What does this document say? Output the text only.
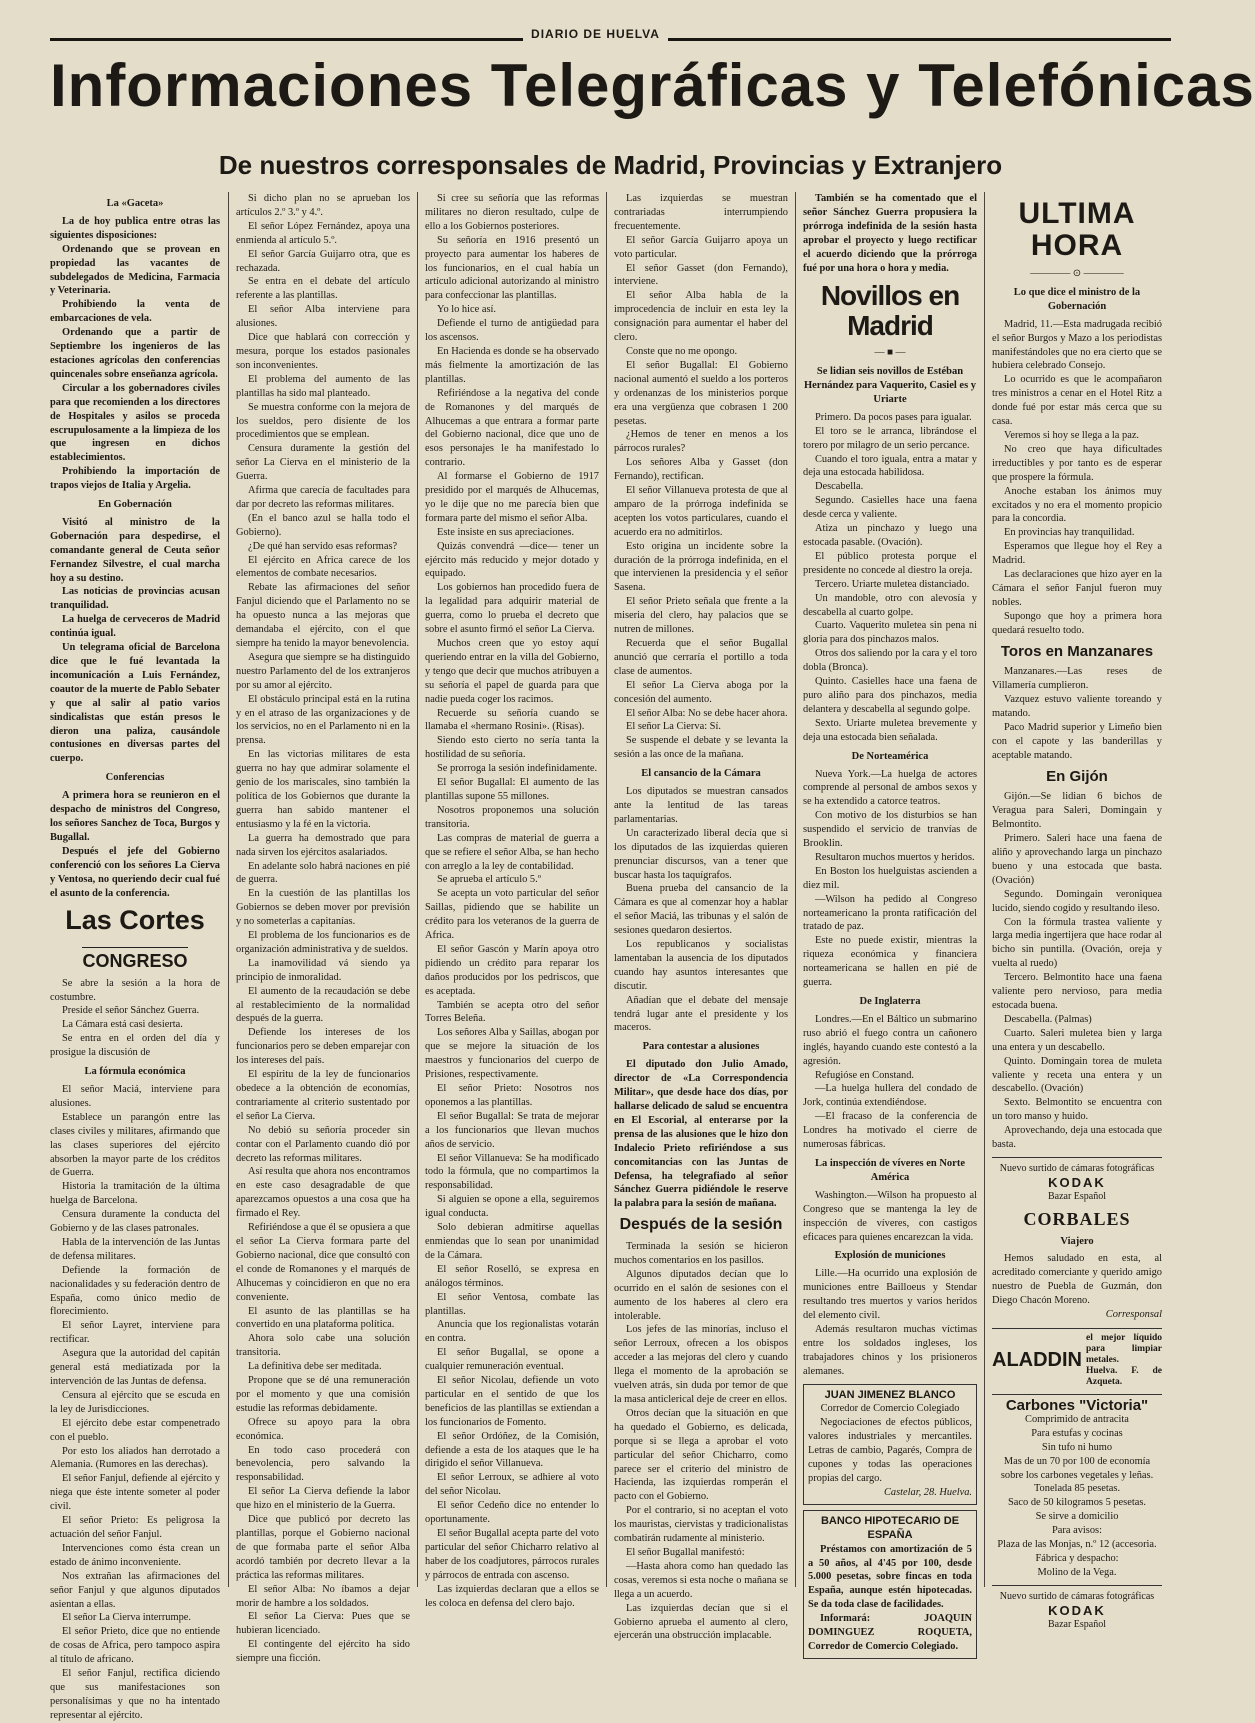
DIARIO DE HUELVA
Informaciones Telegráficas y Telefónicas
De nuestros corresponsales de Madrid, Provincias y Extranjero
La «Gaceta»

La de hoy publica entre otras las siguientes disposiciones:

Ordenando que se provean en propiedad las vacantes de subdelegados de Medicina, Farmacia y Veterinaria.

Prohibiendo la venta de embarcaciones de vela.

Ordenando que a partir de Septiembre los ingenieros de las estaciones agrícolas den conferencias quincenales sobre enseñanza agrícola.

Circular a los gobernadores civiles para que recomienden a los directores de Hospitales y asilos se proceda escrupulosamente a la limpieza de los que ingresen en dichos establecimientos.

Prohibiendo la importación de trapos viejos de Italia y Argelia.

En Gobernación

Visitó al ministro de la Gobernación para despedirse, el comandante general de Ceuta señor Fernandez Silvestre, el cual marcha hoy a su destino.

Las noticias de provincias acusan tranquilidad.

La huelga de cerveceros de Madrid continúa igual.

Un telegrama oficial de Barcelona dice que le fué levantada la incomunicación a Luis Fernández, coautor de la muerte de Pablo Sebater y que al salir al patio varios sindicalistas que están presos le dieron una paliza, causándole contusiones en diversas partes del cuerpo.

Conferencias

A primera hora se reunieron en el despacho de ministros del Congreso, los señores Sanchez de Toca, Burgos y Bugallal.

Después el jefe del Gobierno conferenció con los señores La Cierva y Ventosa, no queriendo decir cual fué el asunto de la conferencia.

Las Cortes
CONGRESO

Se abre la sesión a la hora de costumbre.

Preside el señor Sánchez Guerra.

La Cámara está casi desierta.

Se entra en el orden del día y prosigue la discusión de

La fórmula económica

El señor Maciá, interviene para alusiones.

Establece un parangón entre las clases civiles y militares, afirmando que las clases superiores del ejército absorben la mayor parte de los créditos de Guerra.

Historia la tramitación de la última huelga de Barcelona.

Censura duramente la conducta del Gobierno y de las clases patronales.

Habla de la intervención de las Juntas de defensa militares.

Defiende la formación de nacionalidades y su federación dentro de España, como único medio de florecimiento.

El señor Layret, interviene para rectificar.

Asegura que la autoridad del capitán general está mediatizada por la intervención de las Juntas de defensa.

Censura al ejército que se escuda en la ley de Jurisdicciones.

El ejército debe estar compenetrado con el pueblo.

Por esto los aliados han derrotado a Alemania. (Rumores en las derechas).

El señor Fanjul, defiende al ejército y niega que éste intente someter al poder civil.

El señor Prieto: Es peligrosa la actuación del señor Fanjul.

Intervenciones como ésta crean un estado de ánimo inconveniente.

Nos extrañan las afirmaciones del señor Fanjul y que algunos diputados asientan a ellas.

El señor La Cierva interrumpe.

El señor Prieto, dice que no entiende de cosas de Africa, pero tampoco aspira al título de africano.

El señor Fanjul, rectifica diciendo que sus manifestaciones son personalísimas y que no ha intentado representar al ejército.

Si dicho plan no se aprueban los artículos 2.º 3.º y 4.º.

El señor López Fernández, apoya una enmienda al artículo 5.º.

El señor García Guijarro otra, que es rechazada.

Se entra en el debate del artículo referente a las plantillas.

El señor Alba interviene para alusiones.

Dice que hablará con corrección y mesura, porque los estados pasionales son inconvenientes.

El problema del aumento de las plantillas ha sido mal planteado.

Se muestra conforme con la mejora de los sueldos, pero disiente de los procedimientos que se emplean.

Censura duramente la gestión del señor La Cierva en el ministerio de la Guerra.

Afirma que carecía de facultades para dar por decreto las reformas militares.

(En el banco azul se halla todo el Gobierno).

¿De qué han servido esas reformas?

El ejército en Africa carece de los elementos de combate necesarios.

Rebate las afirmaciones del señor Fanjul diciendo que el Parlamento no se ha opuesto nunca a las mejoras que demandaba el ejército, con el que siempre ha tenido la mayor benevolencia.

Asegura que siempre se ha distinguido nuestro Parlamento del de los extranjeros por su amor al ejército.

El obstáculo principal está en la rutina y en el atraso de las organizaciones y de los servicios, no en el Parlamento ni en la prensa.

En las victorias militares de esta guerra no hay que admirar solamente el genio de los mariscales, sino también la política de los Gobiernos que durante la guerra han sabido mantener el entusiasmo y la fé en la victoria.

La guerra ha demostrado que para nada sirven los ejércitos asalariados.

En adelante solo habrá naciones en pié de guerra.

En la cuestión de las plantillas los Gobiernos se deben mover por previsión y no someterlas a capitanías.

El problema de los funcionarios es de organización administrativa y de sueldos.

La inamovilidad vá siendo ya principio de inmoralidad.

El aumento de la recaudación se debe al restablecimiento de la normalidad después de la guerra.

Defiende los intereses de los funcionarios pero se deben emparejar con los intereses del país.

El espíritu de la ley de funcionarios obedece a la obtención de economías, contrariamente al criterio sustentado por el señor La Cierva.

No debió su señoría proceder sin contar con el Parlamento cuando dió por decreto las reformas militares.

Así resulta que ahora nos encontramos en este caso desagradable de que aparezcamos opuestos a una cosa que ha firmado el Rey.

Refiriéndose a que él se opusiera a que el señor La Cierva formara parte del Gobierno nacional, dice que consultó con el conde de Romanones y el marqués de Alhucemas y coincidieron en que no era conveniente.

El asunto de las plantillas se ha convertido en una plataforma política.

Ahora solo cabe una solución transitoria.

La definitiva debe ser meditada.

Propone que se dé una remuneración por el momento y que una comisión estudie las reformas debidamente.

Ofrece su apoyo para la obra económica.

En todo caso procederá con benevolencia, pero salvando la responsabilidad.

El señor La Cierva defiende la labor que hizo en el ministerio de la Guerra.

Dice que publicó por decreto las plantillas, porque el Gobierno nacional de que formaba parte el señor Alba acordó también por decreto llevar a la práctica las reformas militares.

El señor Alba: No íbamos a dejar morir de hambre a los soldados.

El señor La Cierva: Pues que se hubieran licenciado.

El contingente del ejército ha sido siempre una ficción.

Si cree su señoría que las reformas militares no dieron resultado, culpe de ello a los Gobiernos posteriores.

Su señoría en 1916 presentó un proyecto para aumentar los haberes de los funcionarios, en el cual había un artículo adicional autorizando al ministro para confeccionar las plantillas.

Yo lo hice así.

Defiende el turno de antigüedad para los ascensos.

En Hacienda es donde se ha observado más fielmente la amortización de las plantillas.

Refiriéndose a la negativa del conde de Romanones y del marqués de Alhucemas a que entrara a formar parte del Gobierno nacional, dice que uno de esos personajes le ha manifestado lo contrario.

Al formarse el Gobierno de 1917 presidido por el marqués de Alhucemas, yo le dije que no me parecía bien que formara parte del mismo el señor Alba.

Este insiste en sus apreciaciones.

Quizás convendrá —dice— tener un ejército más reducido y mejor dotado y equipado.

Los gobiernos han procedido fuera de la legalidad para adquirir material de guerra, como lo prueba el decreto que sobre el asunto firmó el señor La Cierva.

Muchos creen que yo estoy aquí queriendo entrar en la villa del Gobierno, y tengo que decir que muchos atribuyen a su señoría el papel de guarda para que nadie pueda coger los racimos.

Recuerde su señoría cuando se llamaba el «hermano Rosini». (Risas).

Siendo esto cierto no sería tanta la hostilidad de su señoría.

Se prorroga la sesión indefinidamente.

El señor Bugallal: El aumento de las plantillas supone 55 millones.

Nosotros proponemos una solución transitoria.

Las compras de material de guerra a que se refiere el señor Alba, se han hecho con arreglo a la ley de contabilidad.

Se aprueba el artículo 5.º

Se acepta un voto particular del señor Saillas, pidiendo que se habilite un crédito para los veteranos de la guerra de Africa.

El señor Gascón y Marín apoya otro pidiendo un crédito para reparar los daños producidos por los pedriscos, que es aceptada.

También se acepta otro del señor Torres Beleña.

Los señores Alba y Saillas, abogan por que se mejore la situación de los maestros y funcionarios del cuerpo de Prisiones, respectivamente.

El señor Prieto: Nosotros nos oponemos a las plantillas.

El señor Bugallal: Se trata de mejorar a los funcionarios que llevan muchos años de servicio.

El señor Villanueva: Se ha modificado todo la fórmula, que no compartimos la responsabilidad.

Si alguien se opone a ella, seguiremos igual conducta.

Solo debieran admitirse aquellas enmiendas que lo sean por unanimidad de la Cámara.

El señor Roselló, se expresa en análogos términos.

El señor Ventosa, combate las plantillas.

Anuncia que los regionalistas votarán en contra.

El señor Bugallal, se opone a cualquier remuneración eventual.

El señor Nicolau, defiende un voto particular en el sentido de que los beneficios de las plantillas se extiendan a los funcionarios de Fomento.

El señor Ordóñez, de la Comisión, defiende a esta de los ataques que le ha dirigido el señor Villanueva.

El señor Lerroux, se adhiere al voto del señor Nicolau.

El señor Cedeño dice no entender lo oportunamente.

El señor Bugallal acepta parte del voto particular del señor Chicharro relativo al haber de los coadjutores, párrocos rurales y párrocos de entrada con ascenso.

Las izquierdas declaran que a ellos se les coloca en defensa del clero bajo.

Las izquierdas se muestran contrariadas interrumpiendo frecuentemente.

El señor García Guijarro apoya un voto particular.

El señor Gasset (don Fernando), interviene.

El señor Alba habla de la improcedencia de incluir en esta ley la consignación para aumentar el haber del clero.

Conste que no me opongo.

El señor Bugallal: El Gobierno nacional aumentó el sueldo a los porteros y ordenanzas de los ministerios porque era una vergüenza que cobrasen 1 200 pesetas.

¿Hemos de tener en menos a los párrocos rurales?

Los señores Alba y Gasset (don Fernando), rectifican.

El señor Villanueva protesta de que al amparo de la prórroga indefinida se acepten los votos particulares, cuando el acuerdo era no admitirlos.

Esto origina un incidente sobre la duración de la prórroga indefinida, en el que intervienen la presidencia y el señor Sasena.

El señor Prieto señala que frente a la miseria del clero, hay palacios que se nutren de millones.

Recuerda que el señor Bugallal anunció que cerraría el portillo a toda clase de aumentos.

El señor La Cierva aboga por la concesión del aumento.

El señor Alba: No se debe hacer ahora.

El señor La Cierva: Sí.

Se suspende el debate y se levanta la sesión a las once de la mañana.

El cansancio de la Cámara

Los diputados se muestran cansados ante la lentitud de las tareas parlamentarias.

Un caracterizado liberal decía que si los diputados de las izquierdas quieren prenunciar discursos, van a tener que buscar hasta los taquígrafos.

Buena prueba del cansancio de la Cámara es que al comenzar hoy a hablar el señor Maciá, las tribunas y el salón de sesiones quedaron desiertos.

Los republicanos y socialistas lamentaban la ausencia de los diputados cuando hay asuntos interesantes que discutir.

Añadían que el debate del mensaje tendrá lugar ante el presidente y los maceros.

Para contestar a alusiones

El diputado don Julio Amado, director de «La Correspondencia Militar», que desde hace dos días, por hallarse delicado de salud se encuentra en El Escorial, al enterarse por la prensa de las alusiones que le hizo don Indalecio Prieto refiriéndose a sus concomitancias con las Juntas de Defensa, ha telegrafiado al señor Sánchez Guerra pidiéndole le reserve la palabra para la sesión de mañana.

Después de la sesión

Terminada la sesión se hicieron muchos comentarios en los pasillos.

Algunos diputados decían que lo ocurrido en el salón de sesiones con el aumento de los haberes al clero era intolerable.

Los jefes de las minorías, incluso el señor Lerroux, ofrecen a los obispos acceder a las mejoras del clero y cuando llega el momento de la aprobación se vuelven atrás, sin duda por temor de que la masa anticlerical deje de creer en ellos.

Otros decían que la situación en que ha quedado el Gobierno, es delicada, porque si se llega a aprobar el voto particular del señor Chicharro, como parece ser el criterio del ministro de Hacienda, las izquierdas romperán el pacto con el Gobierno.

Por el contrario, si no aceptan el voto los mauristas, ciervistas y tradicionalistas combatirán rudamente al ministerio.

El señor Bugallal manifestó:

—Hasta ahora como han quedado las cosas, veremos si esta noche o mañana se llega a un acuerdo.

Las izquierdas decían que si el Gobierno aprueba el aumento al clero, ejercerán una obstrucción implacable.

También se ha comentado que el señor Sánchez Guerra propusiera la prórroga indefinida de la sesión hasta aprobar el proyecto y luego rectificar el acuerdo diciendo que la prórroga fué por una hora o hora y media.

Novillos en Madrid
— ■ —
Se lidian seis novillos de Estéban Hernández para Vaquerito, Casiel es y Uriarte

Primero. Da pocos pases para igualar.

El toro se le arranca, librándose el torero por milagro de un serio percance.

Cuando el toro iguala, entra a matar y deja una estocada habilidosa.

Descabella.

Segundo. Casielles hace una faena desde cerca y valiente.

Atiza un pinchazo y luego una estocada pasable. (Ovación).

El público protesta porque el presidente no concede al diestro la oreja.

Tercero. Uriarte muletea distanciado.

Un mandoble, otro con alevosía y descabella al cuarto golpe.

Cuarto. Vaquerito muletea sin pena ni gloria para dos pinchazos malos.

Otros dos saliendo por la cara y el toro dobla (Bronca).

Quinto. Casielles hace una faena de puro aliño para dos pinchazos, media delantera y descabella al segundo golpe.

Sexto. Uriarte muletea brevemente y deja una estocada bien señalada.

De Norteamérica

Nueva York.—La huelga de actores comprende al personal de ambos sexos y se ha extendido a catorce teatros.

Con motivo de los disturbios se han suspendido el servicio de tranvías de Brooklin.

Resultaron muchos muertos y heridos.

En Boston los huelguistas ascienden a diez mil.

—Wilson ha pedido al Congreso norteamericano la pronta ratificación del tratado de paz.

Este no puede existir, mientras la riqueza económica y financiera norteamericana se hallen en pié de guerra.

De Inglaterra

Londres.—En el Báltico un submarino ruso abrió el fuego contra un cañonero inglés, hayando cuando este contestó a la agresión.

Refugióse en Constand.

—La huelga hullera del condado de Jork, continúa extendiéndose.

—El fracaso de la conferencia de Londres ha motivado el cierre de numerosas fábricas.

La inspección de víveres en Norte América

Washington.—Wilson ha propuesto al Congreso que se mantenga la ley de inspección de víveres, con castigos eficaces para quienes encarezcan la vida.

Explosión de municiones

Lille.—Ha ocurrido una explosión de municiones entre Bailloeus y Stendar resultando tres muertos y varios heridos del elemento civil.

Además resultaron muchas víctimas entre los soldados ingleses, los trabajadores chinos y los prisioneros alemanes.

JUAN JIMENEZ BLANCO

Corredor de Comercio Colegiado

Negociaciones de efectos públicos, valores industriales y mercantiles. Letras de cambio, Pagarés, Compra de cupones y todas las operaciones propias del cargo.

Castelar, 28. Huelva.

BANCO HIPOTECARIO DE ESPAÑA

Préstamos con amortización de 5 a 50 años, al 4'45 por 100, desde 5.000 pesetas, sobre fincas en toda España, aunque estén hipotecadas. Se da toda clase de facilidades.

Informará: JOAQUIN DOMINGUEZ ROQUETA, Corredor de Comercio Colegiado.

ULTIMA HORA
———— ⊙ ————
Lo que dice el ministro de la Gobernación

Madrid, 11.—Esta madrugada recibió el señor Burgos y Mazo a los periodistas manifestándoles que no era cierto que se hubiera celebrado Consejo.

Lo ocurrido es que le acompañaron tres ministros a cenar en el Hotel Ritz a donde fué por estar más cerca que su casa.

Veremos si hoy se llega a la paz.

No creo que haya dificultades irreductibles y por tanto es de esperar que prospere la fórmula.

Anoche estaban los ánimos muy excitados y no era el momento propicio para la concordia.

En provincias hay tranquilidad.

Esperamos que llegue hoy el Rey a Madrid.

Las declaraciones que hizo ayer en la Cámara el señor Fanjul fueron muy nobles.

Supongo que hoy a primera hora quedará resuelto todo.

Toros en Manzanares

Manzanares.—Las reses de Villamería cumplieron.

Vazquez estuvo valiente toreando y matando.

Paco Madrid superior y Limeño bien con el capote y las banderillas y aceptable matando.

En Gijón

Gijón.—Se lidian 6 bichos de Veragua para Saleri, Domingain y Belmontito.

Primero. Saleri hace una faena de aliño y aprovechando larga un pinchazo bueno y una estocada que basta. (Ovación)

Segundo. Domingain veroniquea lucido, siendo cogido y resultando ileso.

Con la fórmula trastea valiente y larga media ingertijera que hace rodar al bicho sin puntilla. (Ovación, oreja y vuelta al ruedo)

Tercero. Belmontito hace una faena valiente pero nervioso, para media estocada buena.

Descabella. (Palmas)

Cuarto. Saleri muletea bien y larga una entera y un descabello.

Quinto. Domingain torea de muleta valiente y receta una entera y un descabello. (Ovación)

Sexto. Belmontito se encuentra con un toro manso y huido.

Aprovechando, deja una estocada que basta.

Nuevo surtido de cámaras fotográficas
KODAK
Bazar Español
CORBALES
Viajero

Hemos saludado en esta, al acreditado comerciante y querido amigo nuestro de Puebla de Guzmán, don Diego Chacón Moreno.

Corresponsal

ALADDIN
el mejor líquido para limpiar metales.
Huelva. F. de Azqueta.
Carbones "Victoria"

Comprimido de antracita

Para estufas y cocinas

Sin tufo ni humo

Mas de un 70 por 100 de economía sobre los carbones vegetales y leñas.

Tonelada 85 pesetas.

Saco de 50 kilogramos 5 pesetas.

Se sirve a domicilio

Para avisos:

Plaza de las Monjas, n.º 12 (accesoria.

Fábrica y despacho:

Molino de la Vega.

Nuevo surtido de cámaras fotográficas
KODAK
Bazar Español
